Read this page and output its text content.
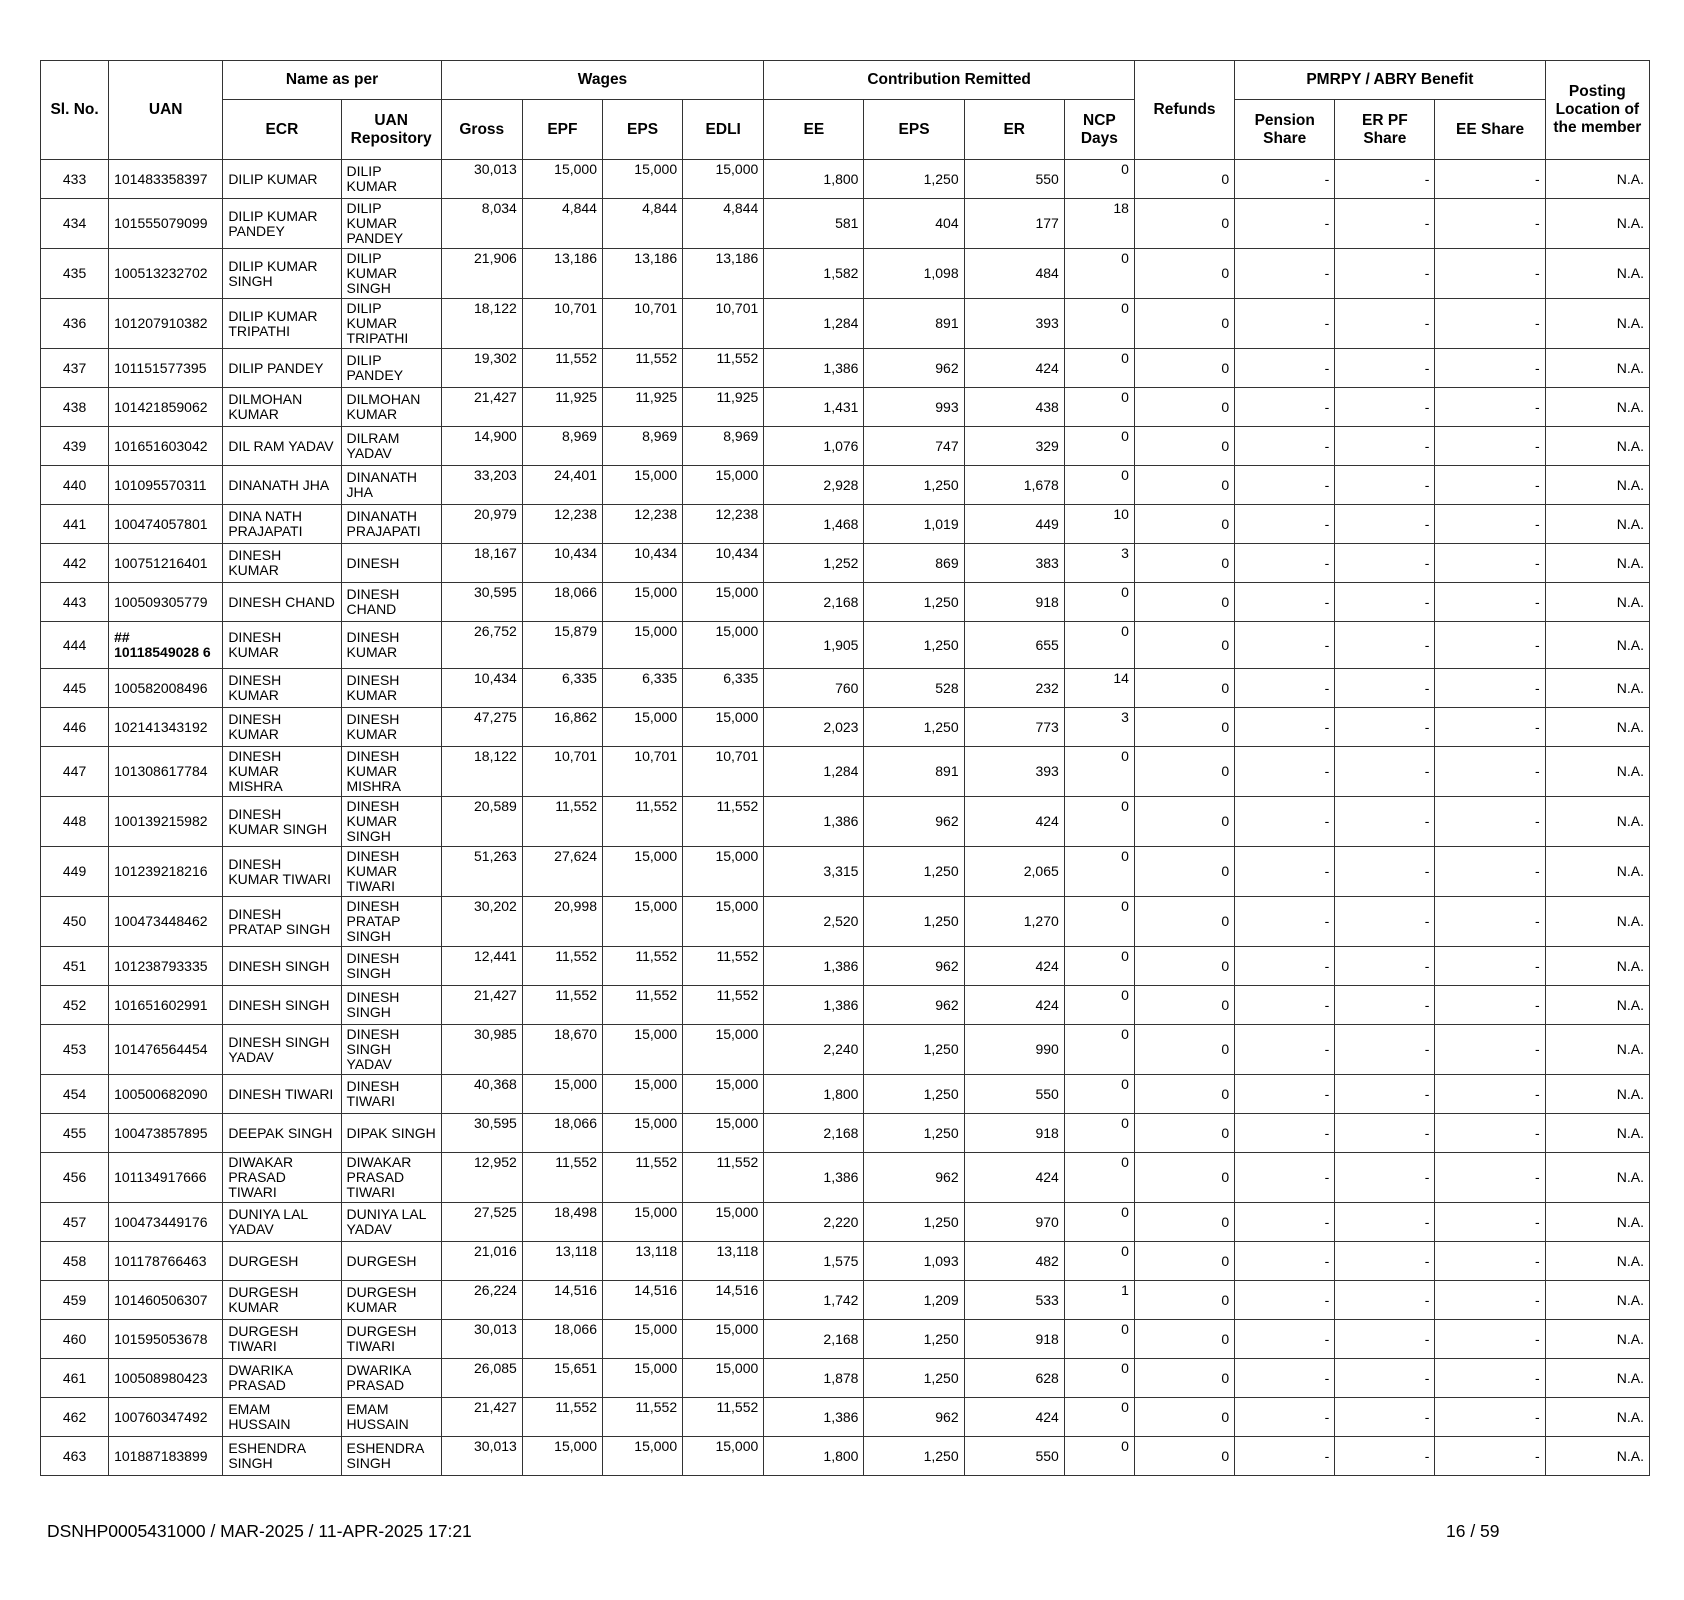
Sl. No.	UAN	Name as per		Wages				Contribution Remitted				Refunds	PMRPY / ABRY Benefit			Posting Location of the member
		ECR	UAN Repository	Gross	EPF	EPS	EDLI	EE	EPS	ER	NCP Days		Pension Share	ER PF Share	EE Share	
433	101483358397	DILIP KUMAR	DILIP KUMAR	30,013	15,000	15,000	15,000	1,800	1,250	550	0	0	-	-	-	N.A.
434	101555079099	DILIP KUMAR PANDEY	DILIP KUMAR PANDEY	8,034	4,844	4,844	4,844	581	404	177	18	0	-	-	-	N.A.
435	100513232702	DILIP KUMAR SINGH	DILIP KUMAR SINGH	21,906	13,186	13,186	13,186	1,582	1,098	484	0	0	-	-	-	N.A.
436	101207910382	DILIP KUMAR TRIPATHI	DILIP KUMAR TRIPATHI	18,122	10,701	10,701	10,701	1,284	891	393	0	0	-	-	-	N.A.
437	101151577395	DILIP PANDEY	DILIP PANDEY	19,302	11,552	11,552	11,552	1,386	962	424	0	0	-	-	-	N.A.
438	101421859062	DILMOHAN KUMAR	DILMOHAN KUMAR	21,427	11,925	11,925	11,925	1,431	993	438	0	0	-	-	-	N.A.
439	101651603042	DIL RAM YADAV	DILRAM YADAV	14,900	8,969	8,969	8,969	1,076	747	329	0	0	-	-	-	N.A.
440	101095570311	DINANATH JHA	DINANATH JHA	33,203	24,401	15,000	15,000	2,928	1,250	1,678	0	0	-	-	-	N.A.
441	100474057801	DINA NATH PRAJAPATI	DINANATH PRAJAPATI	20,979	12,238	12,238	12,238	1,468	1,019	449	10	0	-	-	-	N.A.
442	100751216401	DINESH KUMAR	DINESH	18,167	10,434	10,434	10,434	1,252	869	383	3	0	-	-	-	N.A.
443	100509305779	DINESH CHAND	DINESH CHAND	30,595	18,066	15,000	15,000	2,168	1,250	918	0	0	-	-	-	N.A.
444	## 10118549028 6	DINESH KUMAR	DINESH KUMAR	26,752	15,879	15,000	15,000	1,905	1,250	655	0	0	-	-	-	N.A.
445	100582008496	DINESH KUMAR	DINESH KUMAR	10,434	6,335	6,335	6,335	760	528	232	14	0	-	-	-	N.A.
446	102141343192	DINESH KUMAR	DINESH KUMAR	47,275	16,862	15,000	15,000	2,023	1,250	773	3	0	-	-	-	N.A.
447	101308617784	DINESH KUMAR MISHRA	DINESH KUMAR MISHRA	18,122	10,701	10,701	10,701	1,284	891	393	0	0	-	-	-	N.A.
448	100139215982	DINESH KUMAR SINGH	DINESH KUMAR SINGH	20,589	11,552	11,552	11,552	1,386	962	424	0	0	-	-	-	N.A.
449	101239218216	DINESH KUMAR TIWARI	DINESH KUMAR TIWARI	51,263	27,624	15,000	15,000	3,315	1,250	2,065	0	0	-	-	-	N.A.
450	100473448462	DINESH PRATAP SINGH	DINESH PRATAP SINGH	30,202	20,998	15,000	15,000	2,520	1,250	1,270	0	0	-	-	-	N.A.
451	101238793335	DINESH SINGH	DINESH SINGH	12,441	11,552	11,552	11,552	1,386	962	424	0	0	-	-	-	N.A.
452	101651602991	DINESH SINGH	DINESH SINGH	21,427	11,552	11,552	11,552	1,386	962	424	0	0	-	-	-	N.A.
453	101476564454	DINESH SINGH YADAV	DINESH SINGH YADAV	30,985	18,670	15,000	15,000	2,240	1,250	990	0	0	-	-	-	N.A.
454	100500682090	DINESH TIWARI	DINESH TIWARI	40,368	15,000	15,000	15,000	1,800	1,250	550	0	0	-	-	-	N.A.
455	100473857895	DEEPAK SINGH	DIPAK SINGH	30,595	18,066	15,000	15,000	2,168	1,250	918	0	0	-	-	-	N.A.
456	101134917666	DIWAKAR PRASAD TIWARI	DIWAKAR PRASAD TIWARI	12,952	11,552	11,552	11,552	1,386	962	424	0	0	-	-	-	N.A.
457	100473449176	DUNIYA LAL YADAV	DUNIYA LAL YADAV	27,525	18,498	15,000	15,000	2,220	1,250	970	0	0	-	-	-	N.A.
458	101178766463	DURGESH	DURGESH	21,016	13,118	13,118	13,118	1,575	1,093	482	0	0	-	-	-	N.A.
459	101460506307	DURGESH KUMAR	DURGESH KUMAR	26,224	14,516	14,516	14,516	1,742	1,209	533	1	0	-	-	-	N.A.
460	101595053678	DURGESH TIWARI	DURGESH TIWARI	30,013	18,066	15,000	15,000	2,168	1,250	918	0	0	-	-	-	N.A.
461	100508980423	DWARIKA PRASAD	DWARIKA PRASAD	26,085	15,651	15,000	15,000	1,878	1,250	628	0	0	-	-	-	N.A.
462	100760347492	EMAM HUSSAIN	EMAM HUSSAIN	21,427	11,552	11,552	11,552	1,386	962	424	0	0	-	-	-	N.A.
463	101887183899	ESHENDRA SINGH	ESHENDRA SINGH	30,013	15,000	15,000	15,000	1,800	1,250	550	0	0	-	-	-	N.A.
DSNHP0005431000 / MAR-2025 / 11-APR-2025 17:21	16 / 59
